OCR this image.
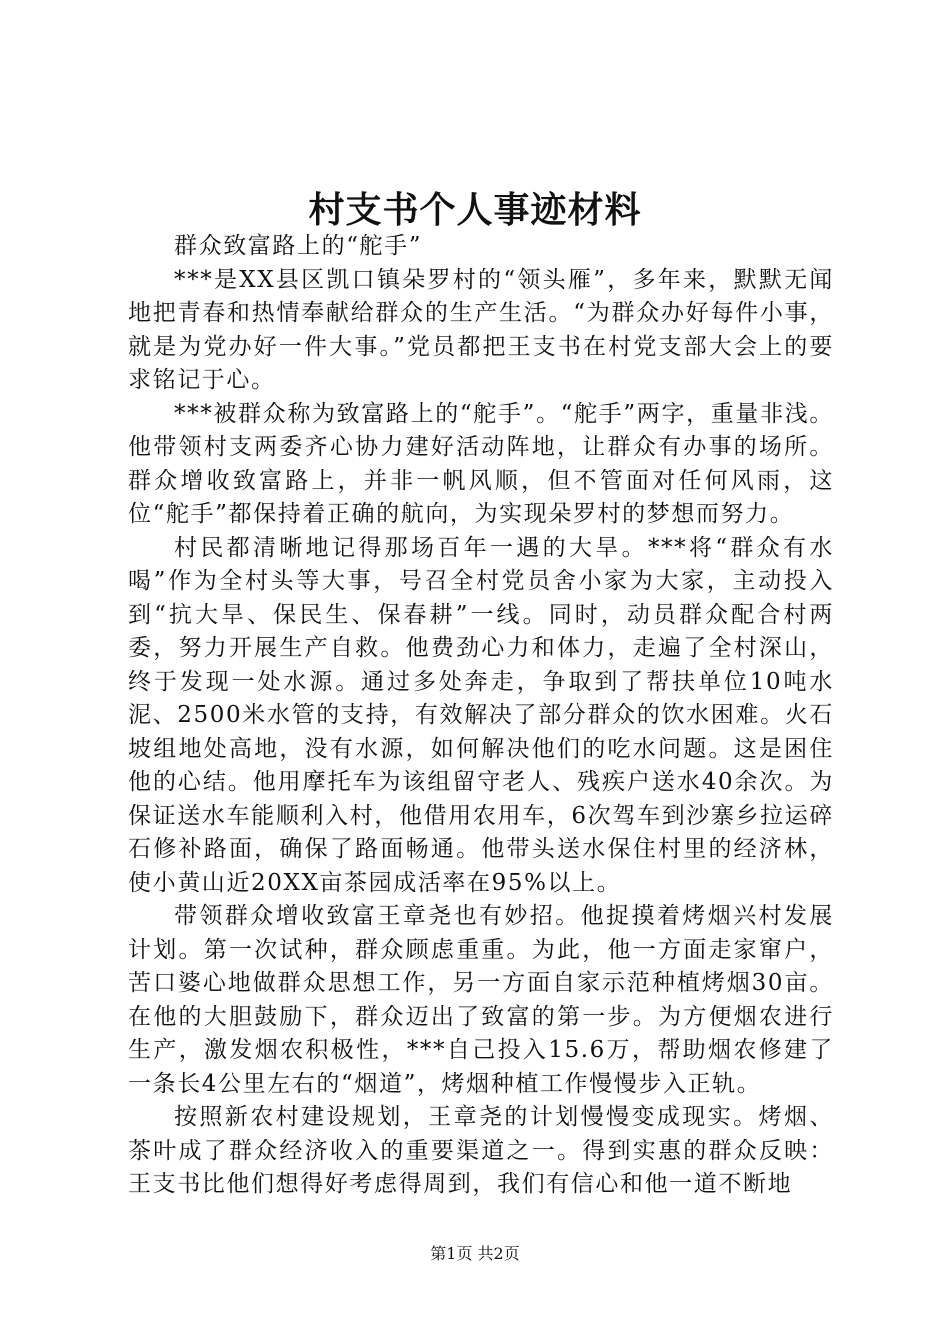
村支书个人事迹材料

群众致富路上的“舵手”

***是XX县区凯口镇朵罗村的“领头雁”，多年来，默默无闻地把青春和热情奉献给群众的生产生活。“为群众办好每件小事，就是为党办好一件大事。”党员都把王支书在村党支部大会上的要求铭记于心。

***被群众称为致富路上的“舵手”。“舵手”两字，重量非浅。他带领村支两委齐心协力建好活动阵地，让群众有办事的场所。群众增收致富路上，并非一帆风顺，但不管面对任何风雨，这位“舵手”都保持着正确的航向，为实现朵罗村的梦想而努力。

村民都清晰地记得那场百年一遇的大旱。***将“群众有水喝”作为全村头等大事，号召全村党员舍小家为大家，主动投入到“抗大旱、保民生、保春耕”一线。同时，动员群众配合村两委，努力开展生产自救。他费劲心力和体力，走遍了全村深山，终于发现一处水源。通过多处奔走，争取到了帮扶单位10吨水泥、2500米水管的支持，有效解决了部分群众的饮水困难。火石坡组地处高地，没有水源，如何解决他们的吃水问题。这是困住他的心结。他用摩托车为该组留守老人、残疾户送水40余次。为保证送水车能顺利入村，他借用农用车，6次驾车到沙寨乡拉运碎石修补路面，确保了路面畅通。他带头送水保住村里的经济林，使小黄山近20XX亩茶园成活率在95%以上。

带领群众增收致富王章尧也有妙招。他捉摸着烤烟兴村发展计划。第一次试种，群众顾虑重重。为此，他一方面走家窜户，苦口婆心地做群众思想工作，另一方面自家示范种植烤烟30亩。在他的大胆鼓励下，群众迈出了致富的第一步。为方便烟农进行生产，激发烟农积极性，***自己投入15.6万，帮助烟农修建了一条长4公里左右的“烟道”，烤烟种植工作慢慢步入正轨。

按照新农村建设规划，王章尧的计划慢慢变成现实。烤烟、茶叶成了群众经济收入的重要渠道之一。得到实惠的群众反映：王支书比他们想得好考虑得周到，我们有信心和他一道不断地

第1页 共2页
